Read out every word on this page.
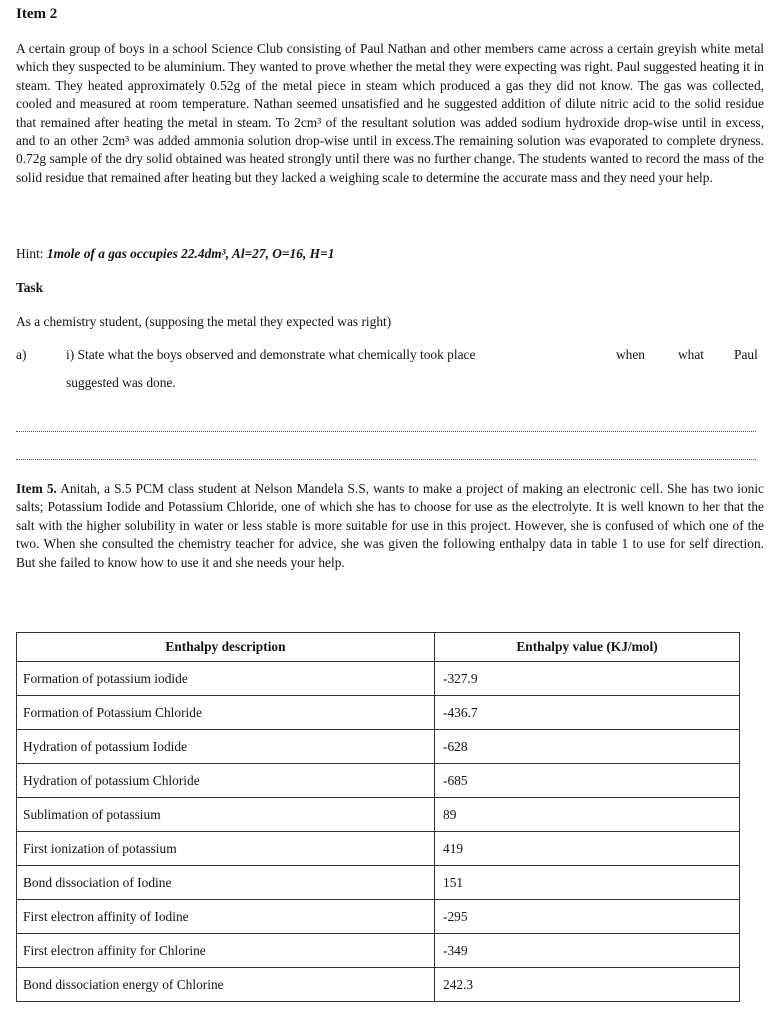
Item 2
A certain group of boys in a school Science Club consisting of Paul Nathan and other members came across a certain greyish white metal which they suspected to be aluminium. They wanted to prove whether the metal they were expecting was right. Paul suggested heating it in steam. They heated approximately 0.52g of the metal piece in steam which produced a gas they did not know. The gas was collected, cooled and measured at room temperature. Nathan seemed unsatisfied and he suggested addition of dilute nitric acid to the solid residue that remained after heating the metal in steam. To 2cm³ of the resultant solution was added sodium hydroxide drop-wise until in excess, and to an other 2cm³ was added ammonia solution drop-wise until in excess.The remaining solution was evaporated to complete dryness. 0.72g sample of the dry solid obtained was heated strongly until there was no further change. The students wanted to record the mass of the solid residue that remained after heating but they lacked a weighing scale to determine the accurate mass and they need your help.
Hint: 1mole of a gas occupies 22.4dm³, Al=27, O=16, H=1
Task
As a chemistry student, (supposing the metal they expected was right)
a)	i) State what the boys observed and demonstrate what chemically took place	when what Paul
suggested was done.
Item 5. Anitah, a S.5 PCM class student at Nelson Mandela S.S, wants to make a project of making an electronic cell. She has two ionic salts; Potassium Iodide and Potassium Chloride, one of which she has to choose for use as the electrolyte. It is well known to her that the salt with the higher solubility in water or less stable is more suitable for use in this project. However, she is confused of which one of the two. When she consulted the chemistry teacher for advice, she was given the following enthalpy data in table 1 to use for self direction. But she failed to know how to use it and she needs your help.
Enthalpy description	Enthalpy value (KJ/mol)
Formation of potassium iodide	-327.9
Formation of Potassium Chloride	-436.7
Hydration of potassium Iodide	-628
Hydration of potassium Chloride	-685
Sublimation of potassium	89
First ionization of potassium	419
Bond dissociation of Iodine	151
First electron affinity of Iodine	-295
First electron affinity for Chlorine	-349
Bond dissociation energy of Chlorine	242.3
